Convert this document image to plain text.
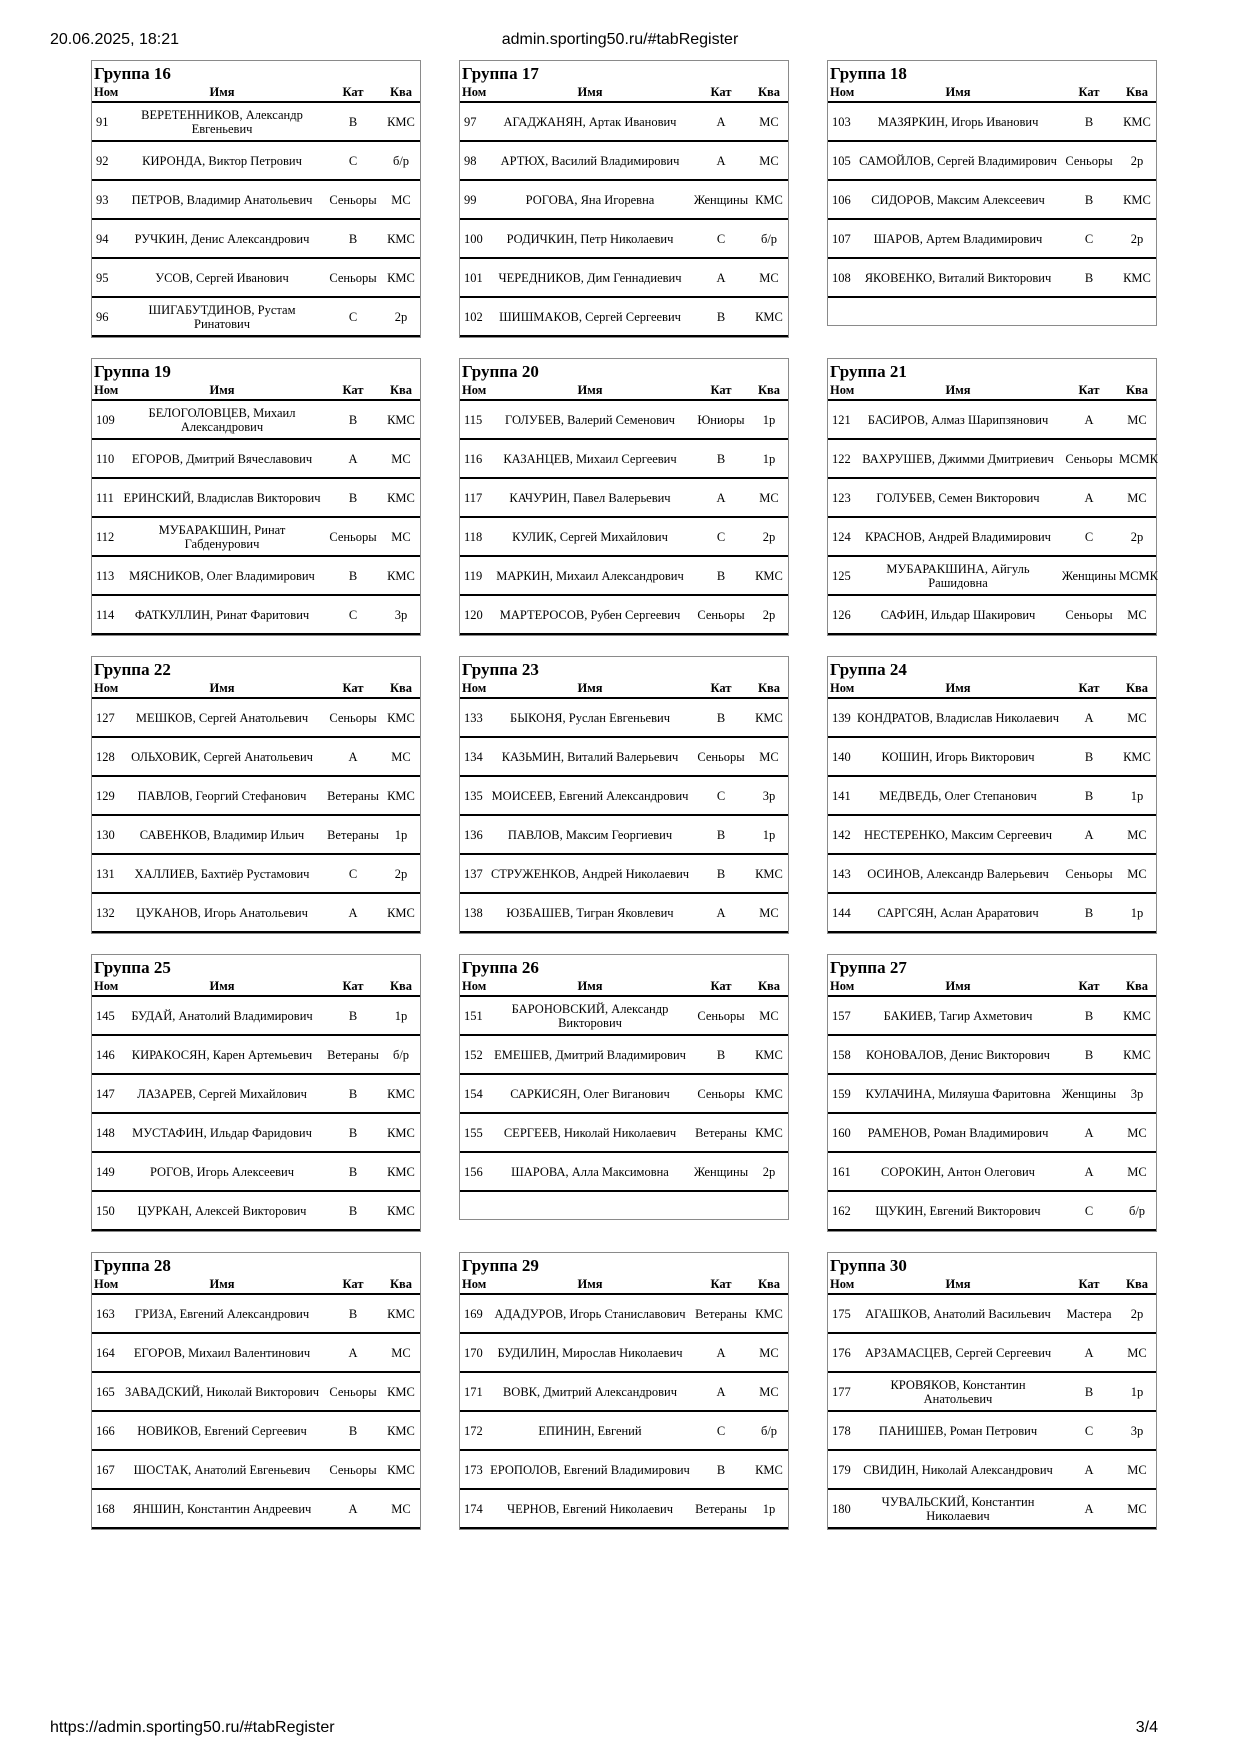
admin.sporting50.ru/#tabRegister
20.06.2025, 18:21
Группа 16
Ном	Имя	Кат	Ква
91	ВЕРЕТЕННИКОВ, Александр Евгеньевич	B	КМС
92	КИРОНДА, Виктор Петрович	C	б/р
93	ПЕТРОВ, Владимир Анатольевич	Сеньоры	МС
94	РУЧКИН, Денис Александрович	B	КМС
95	УСОВ, Сергей Иванович	Сеньоры	КМС
96	ШИГАБУТДИНОВ, Рустам Ринатович	C	2р
Группа 17
Ном	Имя	Кат	Ква
97	АГАДЖАНЯН, Артак Иванович	A	МС
98	АРТЮХ, Василий Владимирович	A	МС
99	РОГОВА, Яна Игоревна	Женщины	КМС
100	РОДИЧКИН, Петр Николаевич	C	б/р
101	ЧЕРЕДНИКОВ, Дим Геннадиевич	A	МС
102	ШИШМАКОВ, Сергей Сергеевич	B	КМС
Группа 18
Ном	Имя	Кат	Ква
103	МАЗЯРКИН, Игорь Иванович	B	КМС
105	САМОЙЛОВ, Сергей Владимирович	Сеньоры	2р
106	СИДОРОВ, Максим Алексеевич	B	КМС
107	ШАРОВ, Артем Владимирович	C	2р
108	ЯКОВЕНКО, Виталий Викторович	B	КМС

Группа 19
Ном	Имя	Кат	Ква
109	БЕЛОГОЛОВЦЕВ, Михаил Александрович	B	КМС
110	ЕГОРОВ, Дмитрий Вячеславович	A	МС
111	ЕРИНСКИЙ, Владислав Викторович	B	КМС
112	МУБАРАКШИН, Ринат Габденурович	Сеньоры	МС
113	МЯСНИКОВ, Олег Владимирович	B	КМС
114	ФАТКУЛЛИН, Ринат Фаритович	C	3р
Группа 20
Ном	Имя	Кат	Ква
115	ГОЛУБЕВ, Валерий Семенович	Юниоры	1р
116	КАЗАНЦЕВ, Михаил Сергеевич	B	1р
117	КАЧУРИН, Павел Валерьевич	A	МС
118	КУЛИК, Сергей Михайлович	C	2р
119	МАРКИН, Михаил Александрович	B	КМС
120	МАРТЕРОСОВ, Рубен Сергеевич	Сеньоры	2р
Группа 21
Ном	Имя	Кат	Ква
121	БАСИРОВ, Алмаз Шарипзянович	A	МС
122	ВАХРУШЕВ, Джимми Дмитриевич	Сеньоры	МСМК
123	ГОЛУБЕВ, Семен Викторович	A	МС
124	КРАСНОВ, Андрей Владимирович	C	2р
125	МУБАРАКШИНА, Айгуль Рашидовна	Женщины	МСМК
126	САФИН, Ильдар Шакирович	Сеньоры	МС
Группа 22
Ном	Имя	Кат	Ква
127	МЕШКОВ, Сергей Анатольевич	Сеньоры	КМС
128	ОЛЬХОВИК, Сергей Анатольевич	A	МС
129	ПАВЛОВ, Георгий Стефанович	Ветераны	КМС
130	САВЕНКОВ, Владимир Ильич	Ветераны	1р
131	ХАЛЛИЕВ, Бахтиёр Рустамович	C	2р
132	ЦУКАНОВ, Игорь Анатольевич	A	КМС
Группа 23
Ном	Имя	Кат	Ква
133	БЫКОНЯ, Руслан Евгеньевич	B	КМС
134	КАЗЬМИН, Виталий Валерьевич	Сеньоры	МС
135	МОИСЕЕВ, Евгений Александрович	C	3р
136	ПАВЛОВ, Максим Георгиевич	B	1р
137	СТРУЖЕНКОВ, Андрей Николаевич	B	КМС
138	ЮЗБАШЕВ, Тигран Яковлевич	A	МС
Группа 24
Ном	Имя	Кат	Ква
139	КОНДРАТОВ, Владислав Николаевич	A	МС
140	КОШИН, Игорь Викторович	B	КМС
141	МЕДВЕДЬ, Олег Степанович	B	1р
142	НЕСТЕРЕНКО, Максим Сергеевич	A	МС
143	ОСИНОВ, Александр Валерьевич	Сеньоры	МС
144	САРГСЯН, Аслан Араратович	B	1р
Группа 25
Ном	Имя	Кат	Ква
145	БУДАЙ, Анатолий Владимирович	B	1р
146	КИРАКОСЯН, Карен Артемьевич	Ветераны	б/р
147	ЛАЗАРЕВ, Сергей Михайлович	B	КМС
148	МУСТАФИН, Ильдар Фаридович	B	КМС
149	РОГОВ, Игорь Алексеевич	B	КМС
150	ЦУРКАН, Алексей Викторович	B	КМС
Группа 26
Ном	Имя	Кат	Ква
151	БАРОНОВСКИЙ, Александр Викторович	Сеньоры	МС
152	ЕМЕШЕВ, Дмитрий Владимирович	B	КМС
154	САРКИСЯН, Олег Виганович	Сеньоры	КМС
155	СЕРГЕЕВ, Николай Николаевич	Ветераны	КМС
156	ШАРОВА, Алла Максимовна	Женщины	2р

Группа 27
Ном	Имя	Кат	Ква
157	БАКИЕВ, Тагир Ахметович	B	КМС
158	КОНОВАЛОВ, Денис Викторович	B	КМС
159	КУЛАЧИНА, Миляуша Фаритовна	Женщины	3р
160	РАМЕНОВ, Роман Владимирович	A	МС
161	СОРОКИН, Антон Олегович	A	МС
162	ЩУКИН, Евгений Викторович	C	б/р
Группа 28
Ном	Имя	Кат	Ква
163	ГРИЗА, Евгений Александрович	B	КМС
164	ЕГОРОВ, Михаил Валентинович	A	МС
165	ЗАВАДСКИЙ, Николай Викторович	Сеньоры	КМС
166	НОВИКОВ, Евгений Сергеевич	B	КМС
167	ШОСТАК, Анатолий Евгеньевич	Сеньоры	КМС
168	ЯНШИН, Константин Андреевич	A	МС
Группа 29
Ном	Имя	Кат	Ква
169	АДАДУРОВ, Игорь Станиславович	Ветераны	КМС
170	БУДИЛИН, Мирослав Николаевич	A	МС
171	ВОВК, Дмитрий Александрович	A	МС
172	ЕПИНИН, Евгений	C	б/р
173	ЕРОПОЛОВ, Евгений Владимирович	B	КМС
174	ЧЕРНОВ, Евгений Николаевич	Ветераны	1р
Группа 30
Ном	Имя	Кат	Ква
175	АГАШКОВ, Анатолий Васильевич	Мастера	2р
176	АРЗАМАСЦЕВ, Сергей Сергеевич	A	МС
177	КРОВЯКОВ, Константин Анатольевич	B	1р
178	ПАНИШЕВ, Роман Петрович	C	3р
179	СВИДИН, Николай Александрович	A	МС
180	ЧУВАЛЬСКИЙ, Константин Николаевич	A	МС
https://admin.sporting50.ru/#tabRegister	3/4
